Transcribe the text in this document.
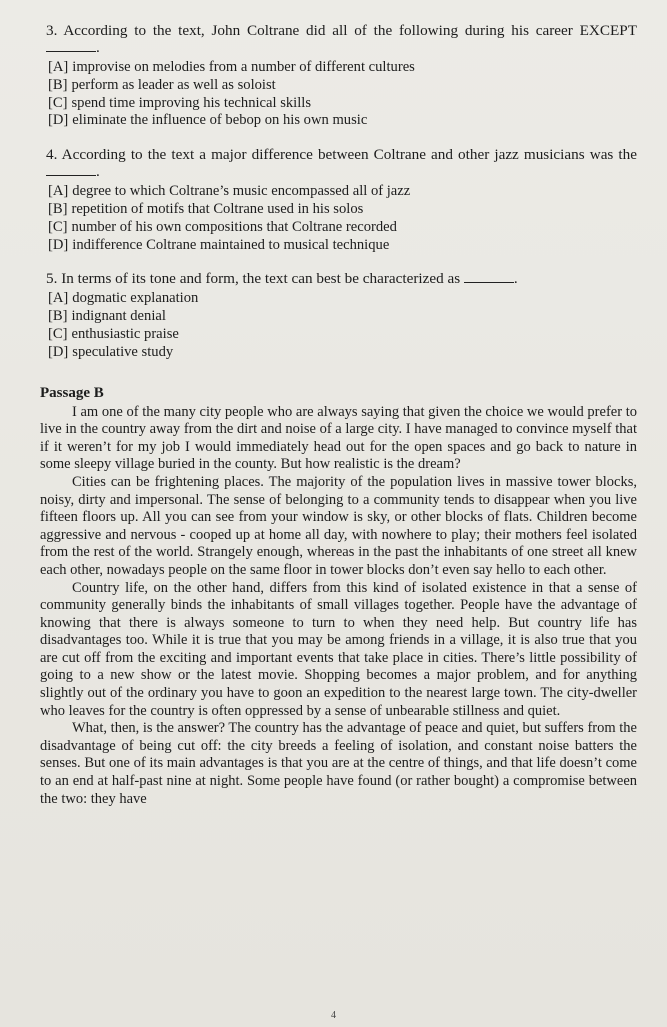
3. According to the text, John Coltrane did all of the following during his career EXCEPT.

[A] improvise on melodies from a number of different cultures
[B] perform as leader as well as soloist
[C] spend time improving his technical skills
[D] eliminate the influence of bebop on his own music

4. According to the text a major difference between Coltrane and other jazz musicians was the.

[A] degree to which Coltrane’s music encompassed all of jazz
[B] repetition of motifs that Coltrane used in his solos
[C] number of his own compositions that Coltrane recorded
[D] indifference Coltrane maintained to musical technique

5. In terms of its tone and form, the text can best be characterized as	.

[A] dogmatic explanation
[B] indignant denial
[C] enthusiastic praise
[D] speculative study
Passage B

I am one of the many city people who are always saying that given the choice we would prefer to live in the country away from the dirt and noise of a large city. I have managed to convince myself that if it weren’t for my job I would immediately head out for the open spaces and go back to nature in some sleepy village buried in the county. But how realistic is the dream?

Cities can be frightening places. The majority of the population lives in massive tower blocks, noisy, dirty and impersonal. The sense of belonging to a community tends to disappear when you live fifteen floors up. All you can see from your window is sky, or other blocks of flats. Children become aggressive and nervous - cooped up at home all day, with nowhere to play; their mothers feel isolated from the rest of the world. Strangely enough, whereas in the past the inhabitants of one street all knew each other, nowadays people on the same floor in tower blocks don’t even say hello to each other.

Country life, on the other hand, differs from this kind of isolated existence in that a sense of community generally binds the inhabitants of small villages together. People have the advantage of knowing that there is always someone to turn to when they need help. But country life has disadvantages too. While it is true that you may be among friends in a village, it is also true that you are cut off from the exciting and important events that take place in cities. There’s little possibility of going to a new show or the latest movie. Shopping becomes a major problem, and for anything slightly out of the ordinary you have to goon an expedition to the nearest large town. The city-dweller who leaves for the country is often oppressed by a sense of unbearable stillness and quiet.

What, then, is the answer? The country has the advantage of peace and quiet, but suffers from the disadvantage of being cut off: the city breeds a feeling of isolation, and constant noise batters the senses. But one of its main advantages is that you are at the centre of things, and that life doesn’t come to an end at half-past nine at night. Some people have found (or rather bought) a compromise between the two: they have

4
